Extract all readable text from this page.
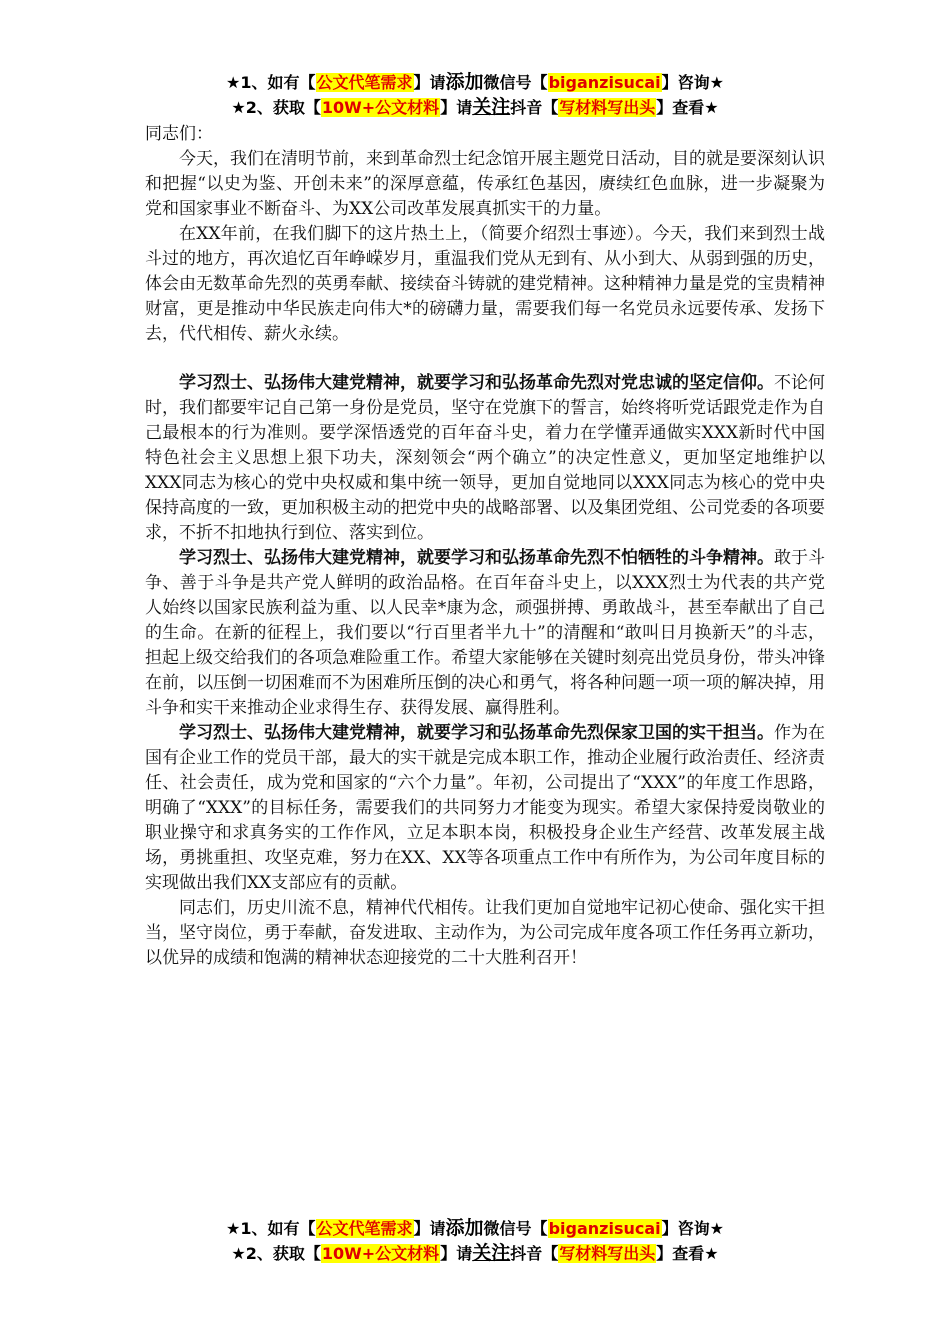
★1、如有【公文代笔需求】请添加微信号【biganzisucai】咨询★
★2、获取【10W+公文材料】请关注抖音【写材料写出头】查看★

同志们：

今天，我们在清明节前，来到革命烈士纪念馆开展主题党日活动，目的就是要深刻认识和把握“以史为鉴、开创未来”的深厚意蕴，传承红色基因，赓续红色血脉，进一步凝聚为党和国家事业不断奋斗、为XX公司改革发展真抓实干的力量。

在XX年前，在我们脚下的这片热土上，（简要介绍烈士事迹）。今天，我们来到烈士战斗过的地方，再次追忆百年峥嵘岁月，重温我们党从无到有、从小到大、从弱到强的历史，体会由无数革命先烈的英勇奉献、接续奋斗铸就的建党精神。这种精神力量是党的宝贵精神财富，更是推动中华民族走向伟大*的磅礴力量，需要我们每一名党员永远要传承、发扬下去，代代相传、薪火永续。

学习烈士、弘扬伟大建党精神，就要学习和弘扬革命先烈对党忠诚的坚定信仰。不论何时，我们都要牢记自己第一身份是党员，坚守在党旗下的誓言，始终将听党话跟党走作为自己最根本的行为准则。要学深悟透党的百年奋斗史，着力在学懂弄通做实XXX新时代中国特色社会主义思想上狠下功夫，深刻领会“两个确立”的决定性意义，更加坚定地维护以XXX同志为核心的党中央权威和集中统一领导，更加自觉地同以XXX同志为核心的党中央保持高度的一致，更加积极主动的把党中央的战略部署、以及集团党组、公司党委的各项要求，不折不扣地执行到位、落实到位。

学习烈士、弘扬伟大建党精神，就要学习和弘扬革命先烈不怕牺牲的斗争精神。敢于斗争、善于斗争是共产党人鲜明的政治品格。在百年奋斗史上，以XXX烈士为代表的共产党人始终以国家民族利益为重、以人民幸*康为念，顽强拼搏、勇敢战斗，甚至奉献出了自己的生命。在新的征程上，我们要以“行百里者半九十”的清醒和“敢叫日月换新天”的斗志，担起上级交给我们的各项急难险重工作。希望大家能够在关键时刻亮出党员身份，带头冲锋在前，以压倒一切困难而不为困难所压倒的决心和勇气，将各种问题一项一项的解决掉，用斗争和实干来推动企业求得生存、获得发展、赢得胜利。

学习烈士、弘扬伟大建党精神，就要学习和弘扬革命先烈保家卫国的实干担当。作为在国有企业工作的党员干部，最大的实干就是完成本职工作，推动企业履行政治责任、经济责任、社会责任，成为党和国家的“六个力量”。年初，公司提出了“XXX”的年度工作思路，明确了“XXX”的目标任务，需要我们的共同努力才能变为现实。希望大家保持爱岗敬业的职业操守和求真务实的工作作风，立足本职本岗，积极投身企业生产经营、改革发展主战场，勇挑重担、攻坚克难，努力在XX、XX等各项重点工作中有所作为，为公司年度目标的实现做出我们XX支部应有的贡献。

同志们，历史川流不息，精神代代相传。让我们更加自觉地牢记初心使命、强化实干担当，坚守岗位，勇于奉献，奋发进取、主动作为，为公司完成年度各项工作任务再立新功，以优异的成绩和饱满的精神状态迎接党的二十大胜利召开！

★1、如有【公文代笔需求】请添加微信号【biganzisucai】咨询★
★2、获取【10W+公文材料】请关注抖音【写材料写出头】查看★
